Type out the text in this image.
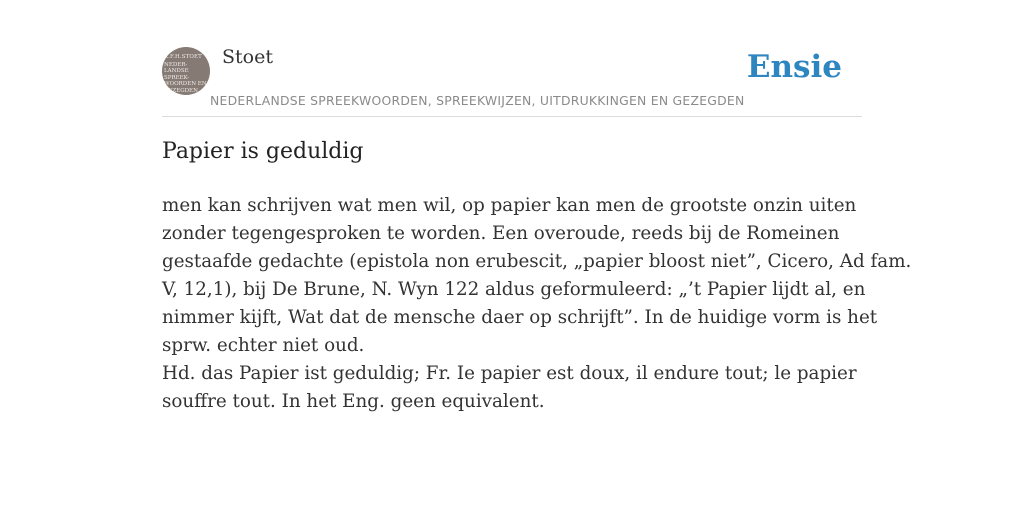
K.F.H.STOET
NEDER-
LANDSE
SPREEK-
WOORDEN EN
GEZEGDEN
Stoet
NEDERLANDSE SPREEKWOORDEN, SPREEKWIJZEN, UITDRUKKINGEN EN GEZEGDEN
Ensie
Papier is geduldig
men kan schrijven wat men wil, op papier kan men de grootste onzin uiten
zonder tegengesproken te worden. Een overoude, reeds bij de Romeinen
gestaafde gedachte (epistola non erubescit, „papier bloost niet”, Cicero, Ad fam.
V, 12,1), bij De Brune, N. Wyn 122 aldus geformuleerd: „’t Papier lijdt al, en
nimmer kijft, Wat dat de mensche daer op schrijft”. In de huidige vorm is het
sprw. echter niet oud.
Hd. das Papier ist geduldig; Fr. Ie papier est doux, il endure tout; le papier
souffre tout. In het Eng. geen equivalent.
